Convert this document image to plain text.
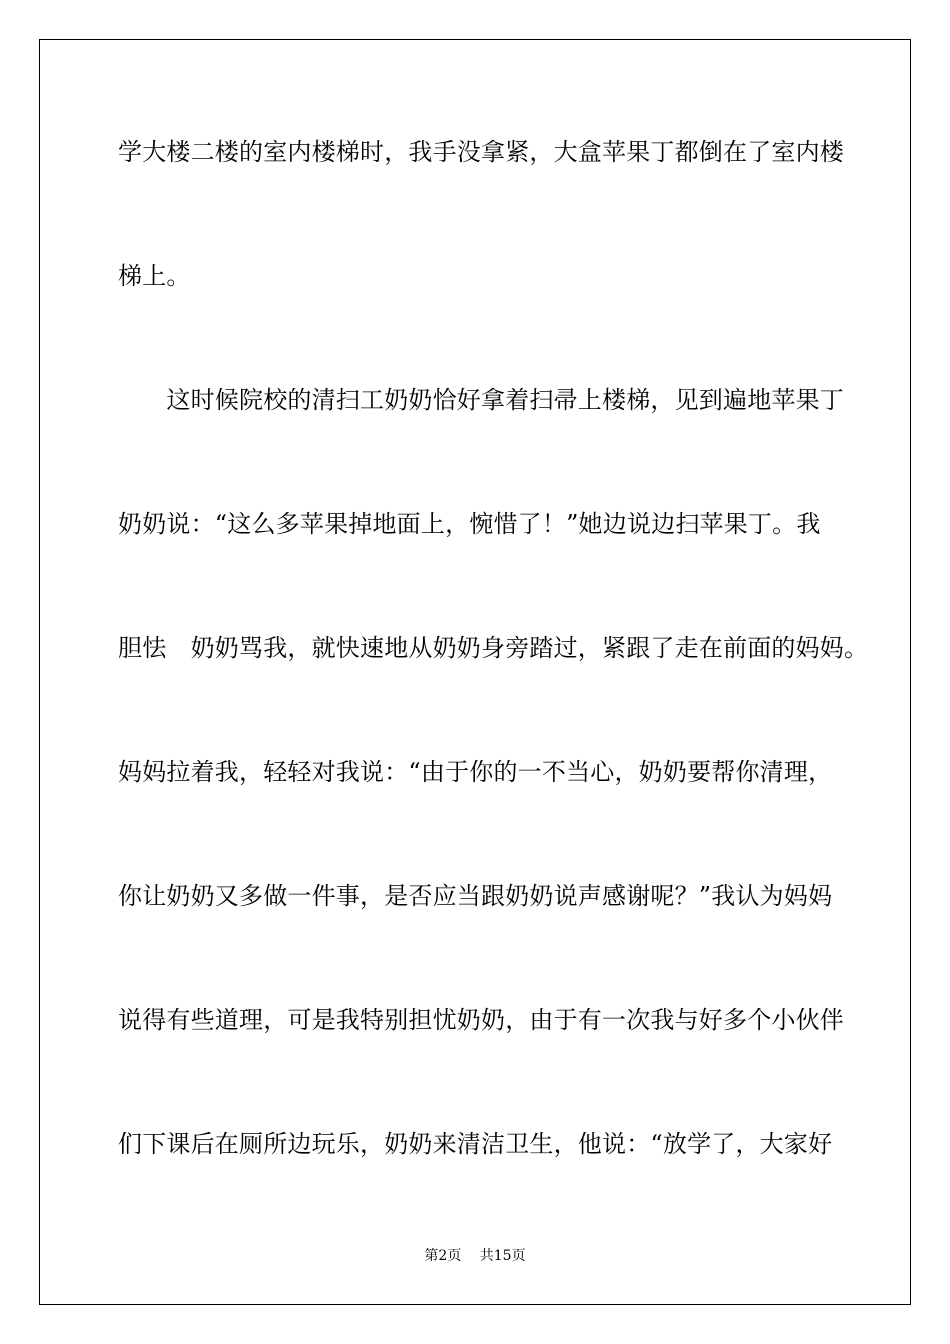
学大楼二楼的室内楼梯时，我手没拿紧，大盒苹果丁都倒在了室内楼
梯上。
　　这时候院校的清扫工奶奶恰好拿着扫帚上楼梯，见到遍地苹果丁
奶奶说：“这么多苹果掉地面上，惋惜了！”她边说边扫苹果丁。我
胆怯　奶奶骂我，就快速地从奶奶身旁踏过，紧跟了走在前面的妈妈。
妈妈拉着我，轻轻对我说：“由于你的一不当心，奶奶要帮你清理，
你让奶奶又多做一件事，是否应当跟奶奶说声感谢呢？”我认为妈妈
说得有些道理，可是我特别担忧奶奶，由于有一次我与好多个小伙伴
们下课后在厕所边玩乐，奶奶来清洁卫生，他说：“放学了，大家好
第2页　 共15页
